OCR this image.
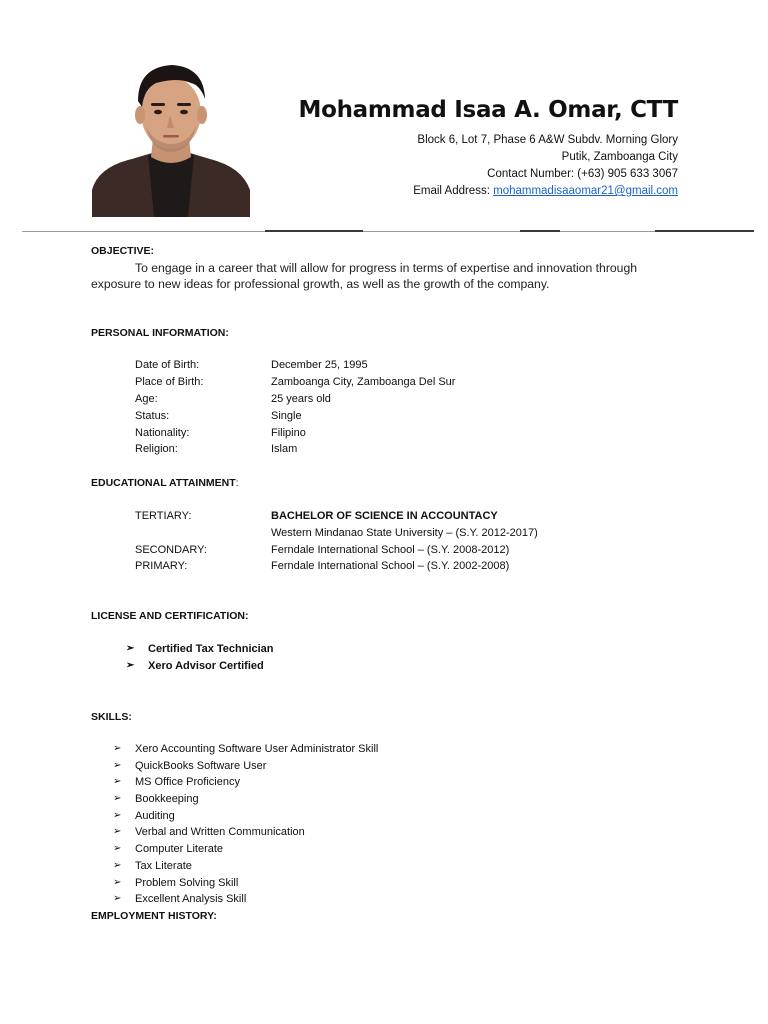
Mohammad Isaa A. Omar, CTT
Block 6, Lot 7, Phase 6 A&W Subdv. Morning Glory
Putik, Zamboanga City
Contact Number: (+63) 905 633 3067
Email Address: mohammadisaaomar21@gmail.com
OBJECTIVE:
To engage in a career that will allow for progress in terms of expertise and innovation through exposure to new ideas for professional growth, as well as the growth of the company.
PERSONAL INFORMATION:
Date of Birth:	December 25, 1995
Place of Birth:	Zamboanga City, Zamboanga Del Sur
Age:	25 years old
Status:	Single
Nationality:	Filipino
Religion:	Islam
EDUCATIONAL ATTAINMENT:
TERTIARY:	BACHELOR OF SCIENCE IN ACCOUNTACY
Western Mindanao State University – (S.Y. 2012-2017)
SECONDARY:	Ferndale International School – (S.Y. 2008-2012)
PRIMARY:	Ferndale International School – (S.Y. 2002-2008)
LICENSE AND CERTIFICATION:
➢ Certified Tax Technician
➢ Xero Advisor Certified
SKILLS:
➢ Xero Accounting Software User Administrator Skill
➢ QuickBooks Software User
➢ MS Office Proficiency
➢ Bookkeeping
➢ Auditing
➢ Verbal and Written Communication
➢ Computer Literate
➢ Tax Literate
➢ Problem Solving Skill
➢ Excellent Analysis Skill
EMPLOYMENT HISTORY:
